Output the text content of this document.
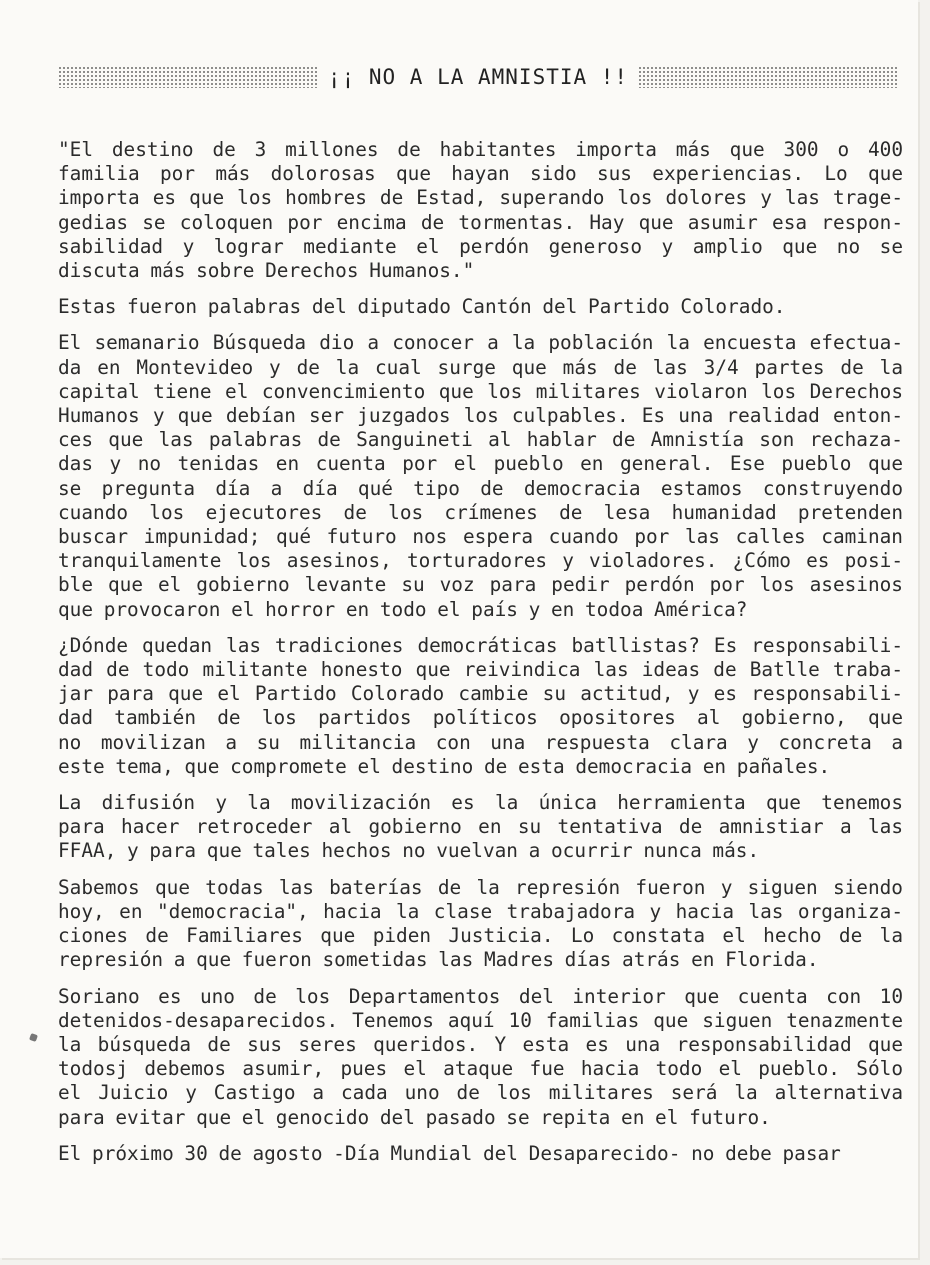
¡¡ NO A LA AMNISTIA !!
"El destino de 3 millones de habitantes importa más que 300 o 400
familia por más dolorosas que hayan sido sus experiencias. Lo que
importa es que los hombres de Estad, superando los dolores y las trage-
gedias se coloquen por encima de tormentas. Hay que asumir esa respon-
sabilidad y lograr mediante el perdón generoso y amplio que no se
discuta más sobre Derechos Humanos."
Estas fueron palabras del diputado Cantón del Partido Colorado.
El semanario Búsqueda dio a conocer a la población la encuesta efectua-
da en Montevideo y de la cual surge que más de las 3/4 partes de la
capital tiene el convencimiento que los militares violaron los Derechos
Humanos y que debían ser juzgados los culpables. Es una realidad enton-
ces que las palabras de Sanguineti al hablar de Amnistía son rechaza-
das y no tenidas en cuenta por el pueblo en general. Ese pueblo que
se pregunta día a día qué tipo de democracia estamos construyendo
cuando los ejecutores de los crímenes de lesa humanidad pretenden
buscar impunidad; qué futuro nos espera cuando por las calles caminan
tranquilamente los asesinos, torturadores y violadores. ¿Cómo es posi-
ble que el gobierno levante su voz para pedir perdón por los asesinos
que provocaron el horror en todo el país y en todoa América?
¿Dónde quedan las tradiciones democráticas batllistas? Es responsabili-
dad de todo militante honesto que reivindica las ideas de Batlle traba-
jar para que el Partido Colorado cambie su actitud, y es responsabili-
dad también de los partidos políticos opositores al gobierno, que
no movilizan a su militancia con una respuesta clara y concreta a
este tema, que compromete el destino de esta democracia en pañales.
La difusión y la movilización es la única herramienta que tenemos
para hacer retroceder al gobierno en su tentativa de amnistiar a las
FFAA, y para que tales hechos no vuelvan a ocurrir nunca más.
Sabemos que todas las baterías de la represión fueron y siguen siendo
hoy, en "democracia", hacia la clase trabajadora y hacia las organiza-
ciones de Familiares que piden Justicia. Lo constata el hecho de la
represión a que fueron sometidas las Madres días atrás en Florida.
Soriano es uno de los Departamentos del interior que cuenta con 10
detenidos-desaparecidos. Tenemos aquí 10 familias que siguen tenazmente
la búsqueda de sus seres queridos. Y esta es una responsabilidad que
todosj debemos asumir, pues el ataque fue hacia todo el pueblo. Sólo
el Juicio y Castigo a cada uno de los militares será la alternativa
para evitar que el genocido del pasado se repita en el futuro.
El próximo 30 de agosto -Día Mundial del Desaparecido- no debe pasar
